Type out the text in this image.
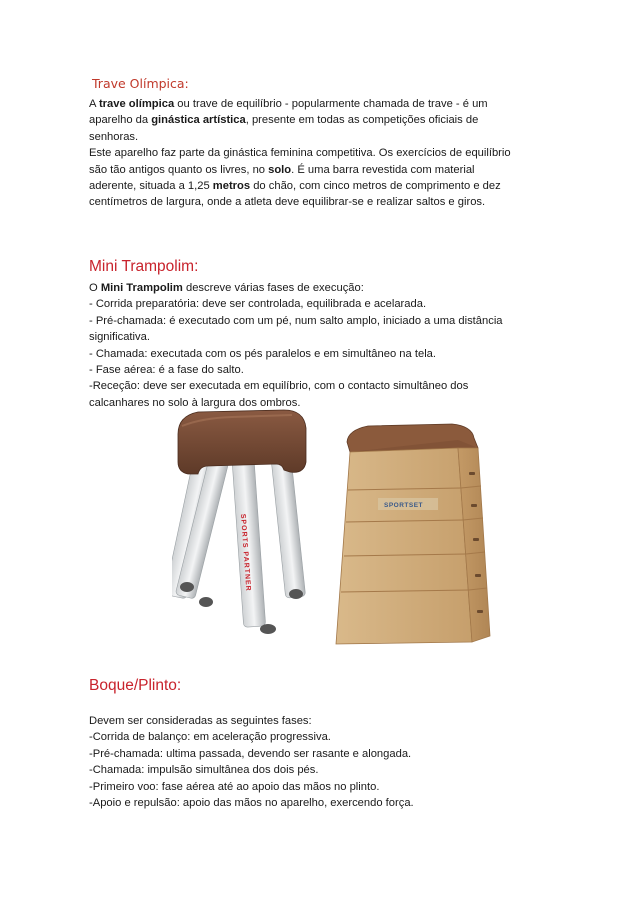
Trave Olímpica:
A trave olímpica ou trave de equilíbrio - popularmente chamada de trave - é um
aparelho da ginástica artística, presente em todas as competições oficiais de
senhoras.
Este aparelho faz parte da ginástica feminina competitiva. Os exercícios de equilíbrio
são tão antigos quanto os livres, no solo. É uma barra revestida com material
aderente, situada a 1,25 metros do chão, com cinco metros de comprimento e dez
centímetros de largura, onde a atleta deve equilibrar-se e realizar saltos e giros.
Mini Trampolim:
O Mini Trampolim descreve várias fases de execução:
- Corrida preparatória: deve ser controlada, equilibrada e acelarada.
- Pré-chamada: é executado com um pé, num salto amplo, iniciado a uma distância
significativa.
- Chamada: executada com os pés paralelos e em simultâneo na tela.
- Fase aérea: é a fase do salto.
-Receção: deve ser executada em equilíbrio, com o contacto simultâneo dos
calcanhares no solo à largura dos ombros.
SPORTS PARTNER
SPORTSET
Boque/Plinto:
Devem ser consideradas as seguintes fases:
-Corrida de balanço: em aceleração progressiva.
-Pré-chamada: ultima passada, devendo ser rasante e alongada.
-Chamada: impulsão simultânea dos dois pés.
-Primeiro voo: fase aérea até ao apoio das mãos no plinto.
-Apoio e repulsão: apoio das mãos no aparelho, exercendo força.
